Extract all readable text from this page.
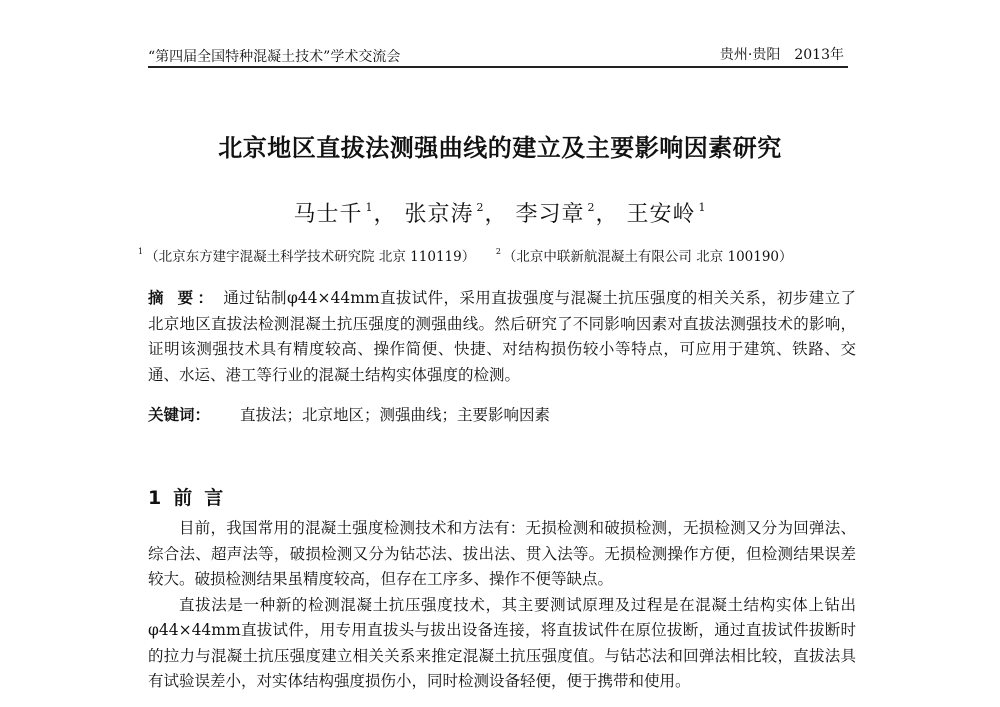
“第四届全国特种混凝土技术”学术交流会	贵州·贵阳　2013年
北京地区直拔法测强曲线的建立及主要影响因素研究
马士千 $^1$， 张京涛 $^2$， 李习章 $^2$， 王安岭 $^1$
$^1$ （北京东方建宇混凝土科学技术研究院 北京 110119）	$^2$ （北京中联新航混凝土有限公司 北京 100190）
摘 要： 通过钻制φ44×44mm直拔试件，采用直拔强度与混凝土抗压强度的相关关系，初步建立了北京地区直拔法检测混凝土抗压强度的测强曲线。然后研究了不同影响因素对直拔法测强技术的影响，证明该测强技术具有精度较高、操作简便、快捷、对结构损伤较小等特点，可应用于建筑、铁路、交通、水运、港工等行业的混凝土结构实体强度的检测。
关键词： 直拔法；北京地区；测强曲线；主要影响因素
1 前言

目前，我国常用的混凝土强度检测技术和方法有：无损检测和破损检测，无损检测又分为回弹法、综合法、超声法等，破损检测又分为钻芯法、拔出法、贯入法等。无损检测操作方便，但检测结果误差较大。破损检测结果虽精度较高，但存在工序多、操作不便等缺点。

直拔法是一种新的检测混凝土抗压强度技术，其主要测试原理及过程是在混凝土结构实体上钻出φ44×44mm直拔试件，用专用直拔头与拔出设备连接，将直拔试件在原位拔断，通过直拔试件拔断时的拉力与混凝土抗压强度建立相关关系来推定混凝土抗压强度值。与钻芯法和回弹法相比较，直拔法具有试验误差小，对实体结构强度损伤小，同时检测设备轻便，便于携带和使用。
